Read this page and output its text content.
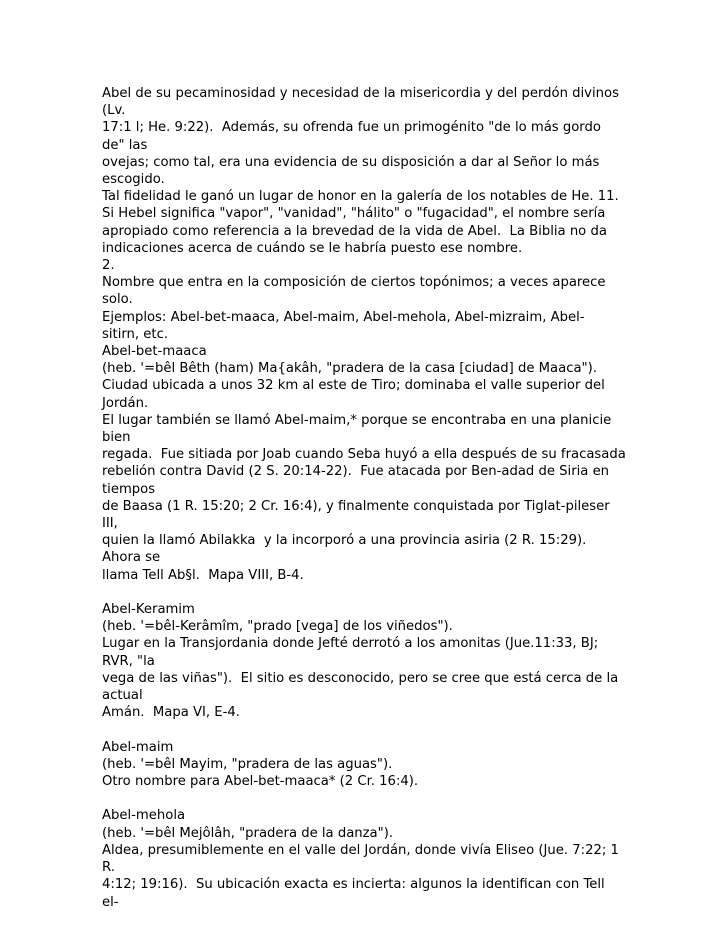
Abel de su pecaminosidad y necesidad de la misericordia y del perdón divinos
(Lv.
17:1 l; He. 9:22).  Además, su ofrenda fue un primogénito "de lo más gordo
de" las
ovejas; como tal, era una evidencia de su disposición a dar al Señor lo más
escogido.
Tal fidelidad le ganó un lugar de honor en la galería de los notables de He. 11.
Si Hebel significa "vapor", "vanidad", "hálito" o "fugacidad", el nombre sería
apropiado como referencia a la brevedad de la vida de Abel.  La Biblia no da
indicaciones acerca de cuándo se le habría puesto ese nombre.
2.
Nombre que entra en la composición de ciertos topónimos; a veces aparece
solo.
Ejemplos: Abel-bet-maaca, Abel-maim, Abel-mehola, Abel-mizraim, Abel-
sitirn, etc.
Abel-bet-maaca
(heb. '=bêl Bêth (ham) Ma{akâh, "pradera de la casa [ciudad] de Maaca").
Ciudad ubicada a unos 32 km al este de Tiro; dominaba el valle superior del
Jordán.
El lugar también se llamó Abel-maim,* porque se encontraba en una planicie
bien
regada.  Fue sitiada por Joab cuando Seba huyó a ella después de su fracasada
rebelión contra David (2 S. 20:14-22).  Fue atacada por Ben-adad de Siria en
tiempos
de Baasa (1 R. 15:20; 2 Cr. 16:4), y finalmente conquistada por Tiglat-pileser
III,
quien la llamó Abilakka  y la incorporó a una provincia asiria (2 R. 15:29).
Ahora se
llama Tell Ab§l.  Mapa VIII, B-4.
Abel-Keramim
(heb. '=bêl-Kerâmîm, "prado [vega] de los viñedos").
Lugar en la Transjordania donde Jefté derrotó a los amonitas (Jue.11:33, BJ;
RVR, "la
vega de las viñas").  El sitio es desconocido, pero se cree que está cerca de la
actual
Amán.  Mapa VI, E-4.
Abel-maim
(heb. '=bêl Mayim, "pradera de las aguas").
Otro nombre para Abel-bet-maaca* (2 Cr. 16:4).
Abel-mehola
(heb. '=bêl Mejôlâh, "pradera de la danza").
Aldea, presumiblemente en el valle del Jordán, donde vivía Eliseo (Jue. 7:22; 1
R.
4:12; 19:16).  Su ubicación exacta es incierta: algunos la identifican con Tell
el-
